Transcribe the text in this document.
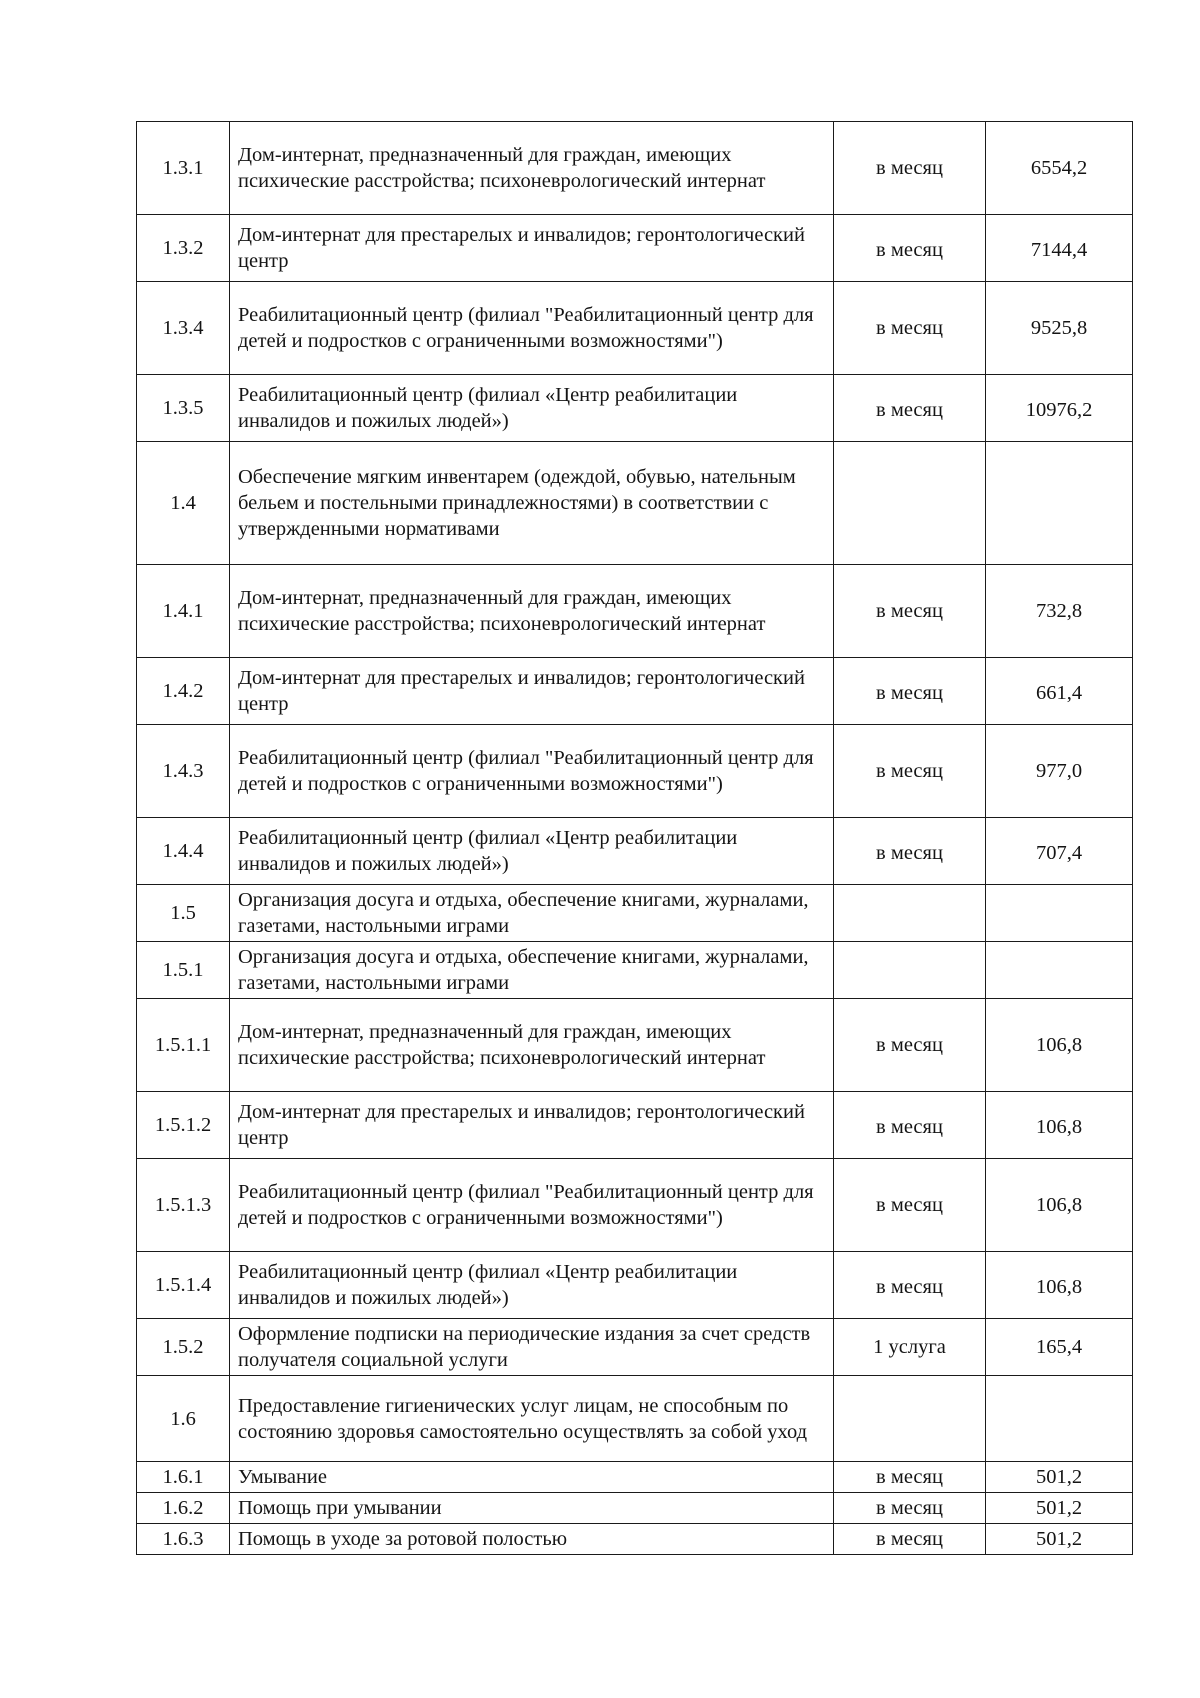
1.3.1	Дом-интернат, предназначенный для граждан, имеющих психические расстройства; психоневрологический интернат	в месяц	6554,2
1.3.2	Дом-интернат для престарелых и инвалидов; геронтологический центр	в месяц	7144,4
1.3.4	Реабилитационный центр (филиал "Реабилитационный центр для детей и подростков с ограниченными возможностями")	в месяц	9525,8
1.3.5	Реабилитационный центр (филиал «Центр реабилитации инвалидов и пожилых людей»)	в месяц	10976,2
1.4	Обеспечение мягким инвентарем (одеждой, обувью, нательным бельем и постельными принадлежностями) в соответствии с утвержденными нормативами		
1.4.1	Дом-интернат, предназначенный для граждан, имеющих психические расстройства; психоневрологический интернат	в месяц	732,8
1.4.2	Дом-интернат для престарелых и инвалидов; геронтологический центр	в месяц	661,4
1.4.3	Реабилитационный центр (филиал "Реабилитационный центр для детей и подростков с ограниченными возможностями")	в месяц	977,0
1.4.4	Реабилитационный центр (филиал «Центр реабилитации инвалидов и пожилых людей»)	в месяц	707,4
1.5	Организация досуга и отдыха, обеспечение книгами, журналами, газетами, настольными играми		
1.5.1	Организация досуга и отдыха, обеспечение книгами, журналами, газетами, настольными играми		
1.5.1.1	Дом-интернат, предназначенный для граждан, имеющих психические расстройства; психоневрологический интернат	в месяц	106,8
1.5.1.2	Дом-интернат для престарелых и инвалидов; геронтологический центр	в месяц	106,8
1.5.1.3	Реабилитационный центр (филиал "Реабилитационный центр для детей и подростков с ограниченными возможностями")	в месяц	106,8
1.5.1.4	Реабилитационный центр (филиал «Центр реабилитации инвалидов и пожилых людей»)	в месяц	106,8
1.5.2	Оформление подписки на периодические издания за счет средств получателя социальной услуги	1 услуга	165,4
1.6	Предоставление гигиенических услуг лицам, не способным по состоянию здоровья самостоятельно осуществлять за собой уход		
1.6.1	Умывание	в месяц	501,2
1.6.2	Помощь при умывании	в месяц	501,2
1.6.3	Помощь в уходе за ротовой полостью	в месяц	501,2
